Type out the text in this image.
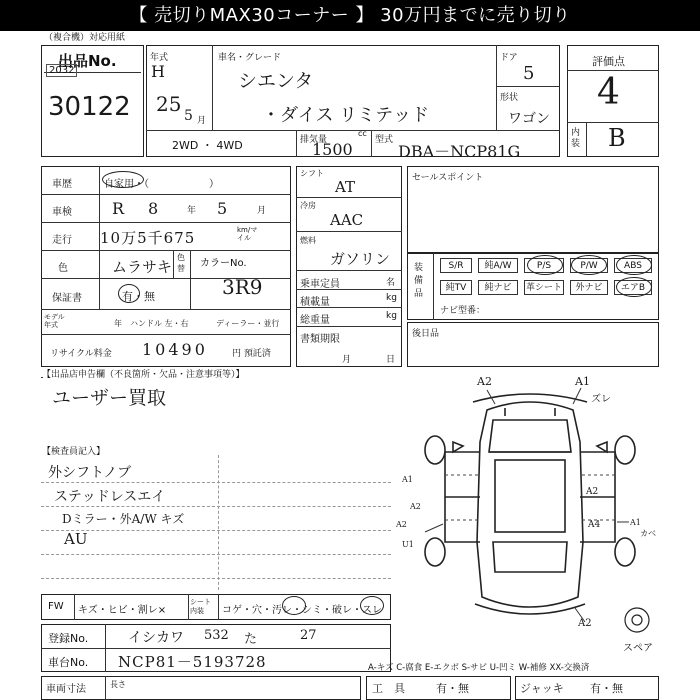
【 売切りMAX30コーナー 】 30万円までに売り切り
（複合機）対応用紙
出品No.
2032
30122
年式
H
25 5 月
車名・グレード
シエンタ
・ダイス リミテッド
ドア
5
形状
ワゴン
2WD ・ 4WD	排気量
cc
1500 型式
DBA－NCP81G
評価点
4
内装 B
車歴	自家用・（　　　　　　）
車検	R 8	年 5	月
走行 10万5千675	km/マイル
色	ムラサキ
色替 カラーNo.
3R9
保証書	有・無
モデル年式	年 ハンドル 左・右	ディーラー・並行
リサイクル料金 10490	円 預託済
シフト
AT
冷房
AAC
燃料
ガソリン
乗車定員	名
積載量	kg
総重量	kg
書類期限
月	日
セールスポイント
装備品
S/R	純A/W	P/S	P/W	ABS
純TV	純ナビ	革シート	外ナビ	エアB
ナビ型番：
後日品
【出品店申告欄（不良箇所・欠品・注意事項等）】
ユーザー買取
【検査員記入】
外シフトノブ
ステッドレスエイ
Dミラー・外A/W キズ
AU
A2	A1
ズレ
A2
A4
A1
A2
U1
A1
カベ
A2
A2
スペア
FW キズ・ヒビ・割レ×
シート内装	コゲ・穴・汚レ・シミ・破レ・スレ
登録No.	イシカワ 532 た	27
車台No. NCP81－5193728	A-キズ C-腐食 E-エクボ S-サビ U-凹ミ W-補修 XX-交換済
車両寸法	長さ	工　具	有・無	ジャッキ 有・無
